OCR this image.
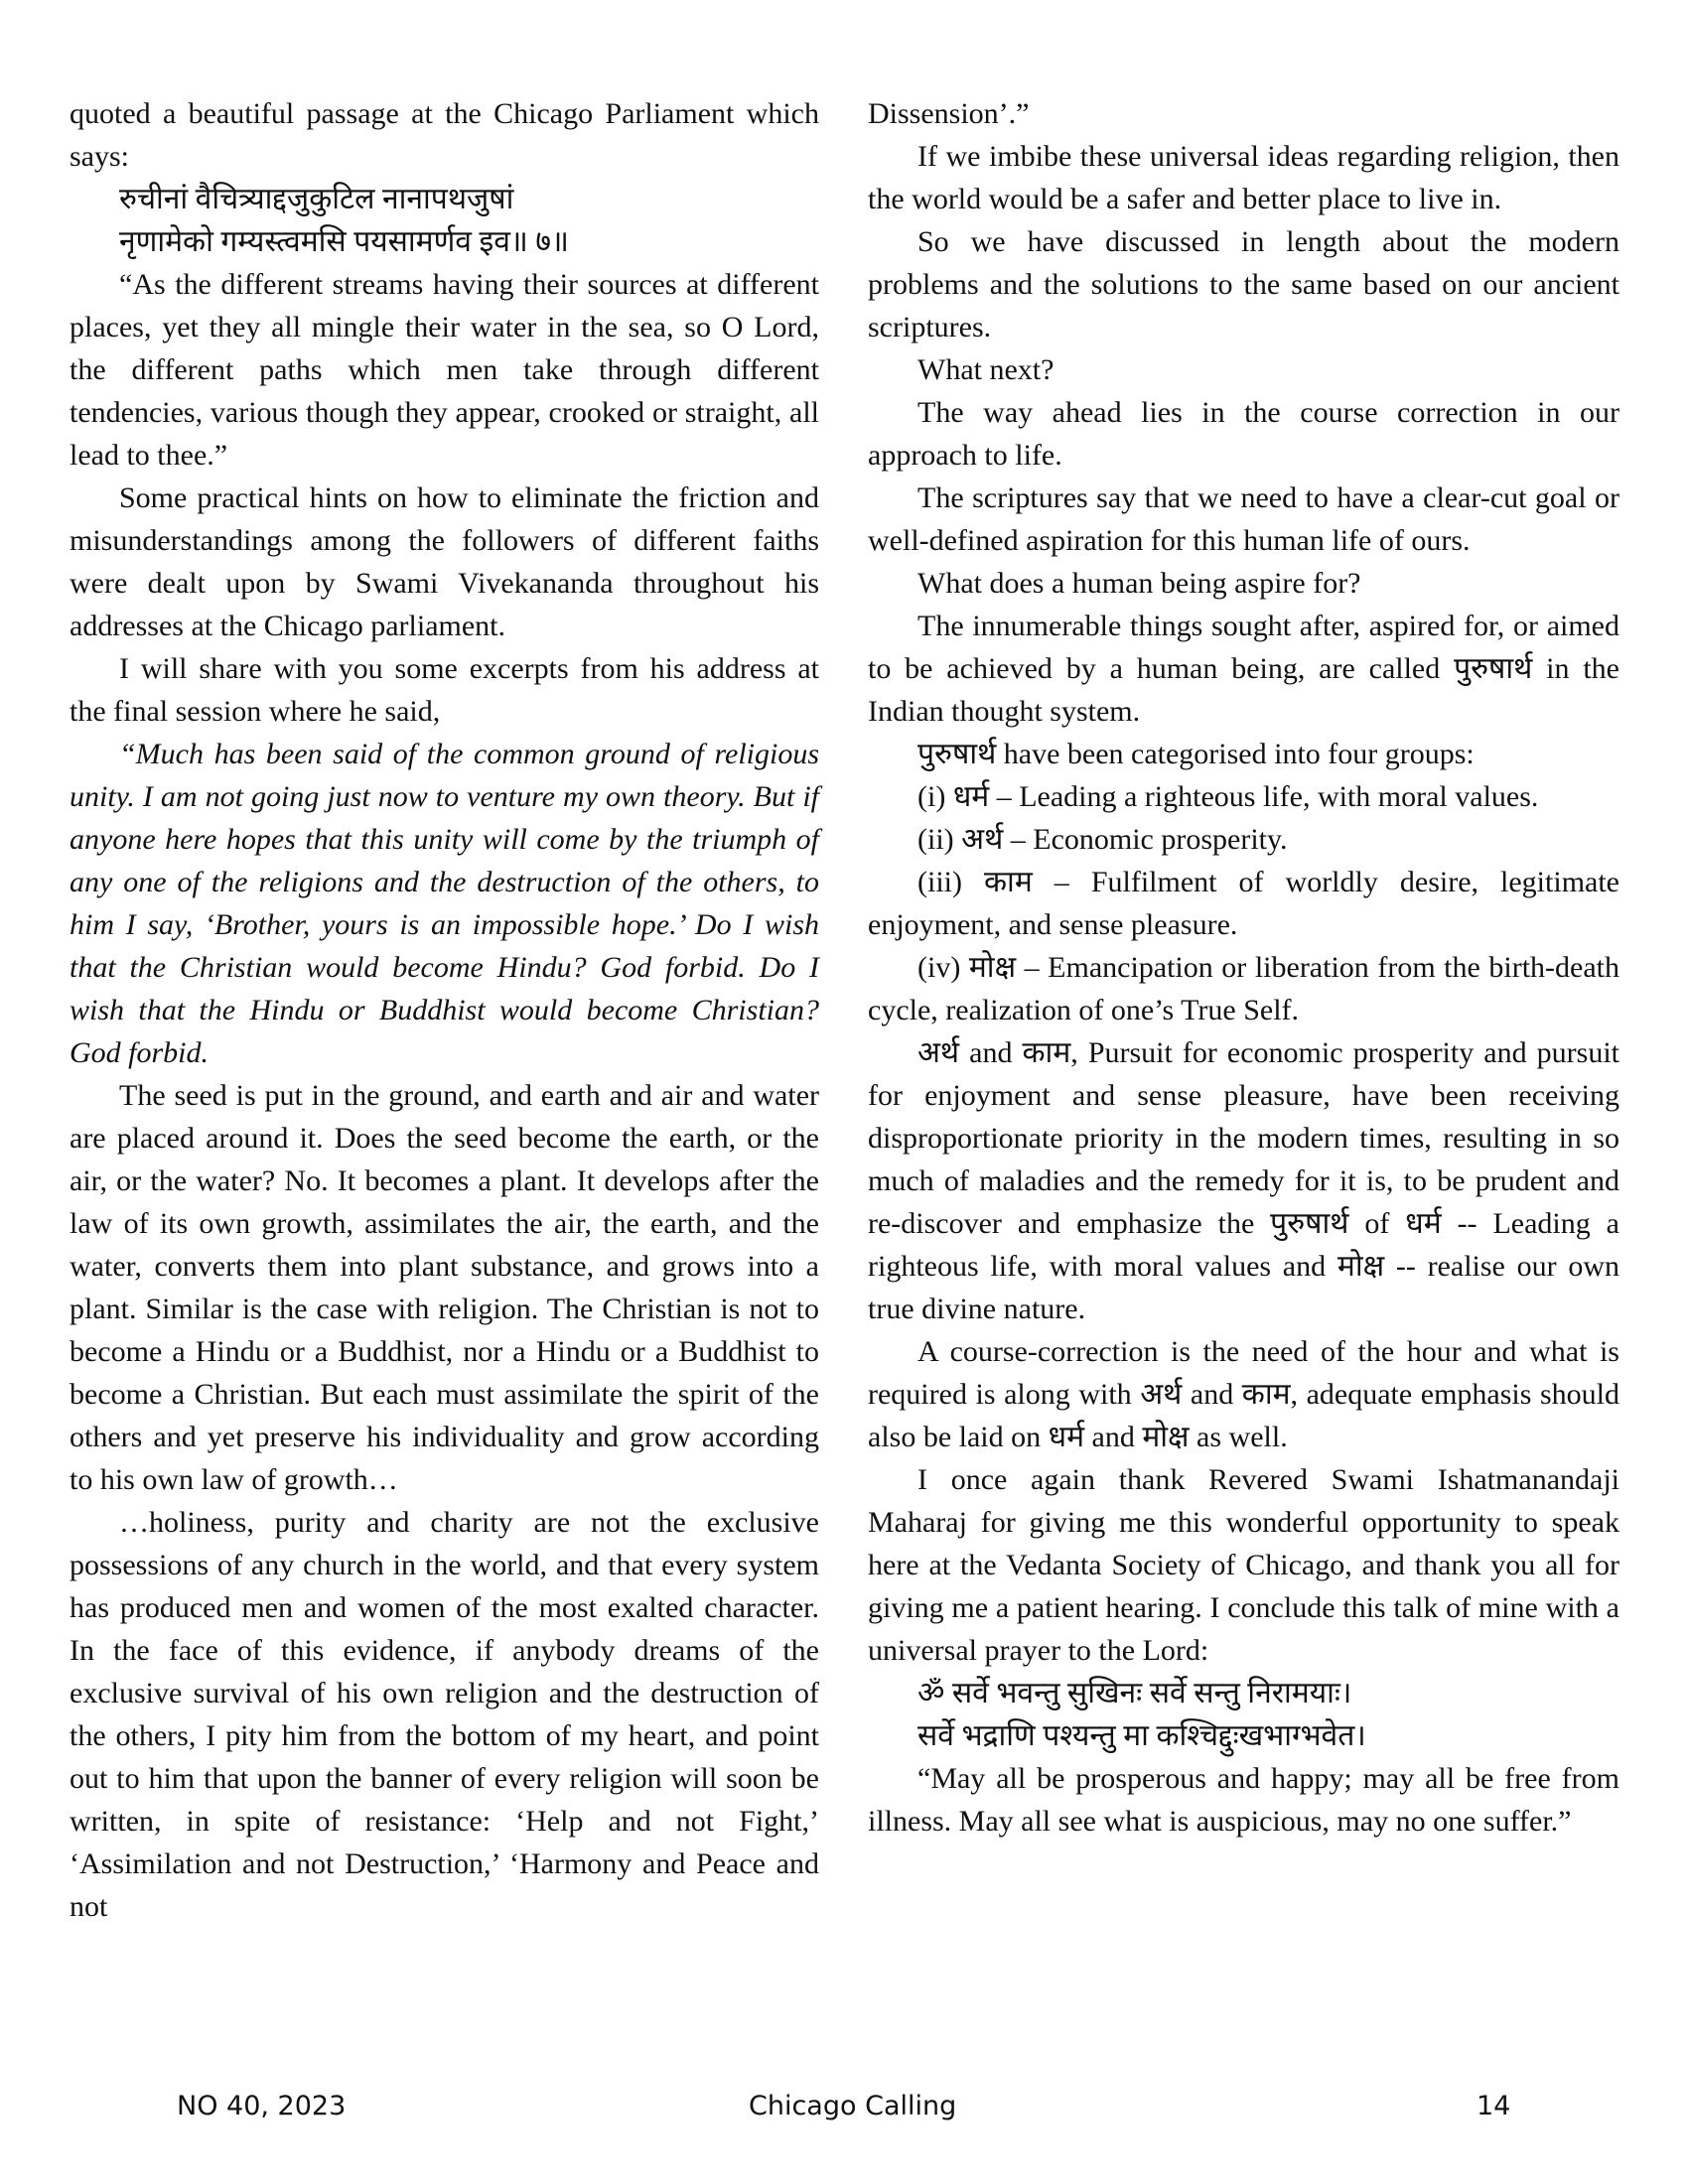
quoted a beautiful passage at the Chicago Parliament which says:

रुचीनां वैचित्र्याद्दजुकुटिल नानापथजुषां

नृणामेको गम्यस्त्वमसि पयसामर्णव इव॥ ७॥

“As the different streams having their sources at different places, yet they all mingle their water in the sea, so O Lord, the different paths which men take through different tendencies, various though they appear, crooked or straight, all lead to thee.”

Some practical hints on how to eliminate the friction and misunderstandings among the followers of different faiths were dealt upon by Swami Vivekananda throughout his addresses at the Chicago parliament.

I will share with you some excerpts from his address at the final session where he said,

“Much has been said of the common ground of religious unity. I am not going just now to venture my own theory. But if anyone here hopes that this unity will come by the triumph of any one of the religions and the destruction of the others, to him I say, ‘Brother, yours is an impossible hope.’ Do I wish that the Christian would become Hindu? God forbid. Do I wish that the Hindu or Buddhist would become Christian? God forbid.

The seed is put in the ground, and earth and air and water are placed around it. Does the seed become the earth, or the air, or the water? No. It becomes a plant. It develops after the law of its own growth, assimilates the air, the earth, and the water, converts them into plant substance, and grows into a plant. Similar is the case with religion. The Christian is not to become a Hindu or a Buddhist, nor a Hindu or a Buddhist to become a Christian. But each must assimilate the spirit of the others and yet preserve his individuality and grow according to his own law of growth…

…holiness, purity and charity are not the exclusive possessions of any church in the world, and that every system has produced men and women of the most exalted character. In the face of this evidence, if anybody dreams of the exclusive survival of his own religion and the destruction of the others, I pity him from the bottom of my heart, and point out to him that upon the banner of every religion will soon be written, in spite of resistance: ‘Help and not Fight,’ ‘Assimilation and not Destruction,’ ‘Harmony and Peace and not

Dissension’.”

If we imbibe these universal ideas regarding religion, then the world would be a safer and better place to live in.

So we have discussed in length about the modern problems and the solutions to the same based on our ancient scriptures.

What next?

The way ahead lies in the course correction in our approach to life.

The scriptures say that we need to have a clear-cut goal or well-defined aspiration for this human life of ours.

What does a human being aspire for?

The innumerable things sought after, aspired for, or aimed to be achieved by a human being, are called पुरुषार्थ in the Indian thought system.

पुरुषार्थ have been categorised into four groups:

(i) धर्म – Leading a righteous life, with moral values.

(ii) अर्थ – Economic prosperity.

(iii) काम – Fulfilment of worldly desire, legitimate enjoyment, and sense pleasure.

(iv) मोक्ष – Emancipation or liberation from the birth-death cycle, realization of one’s True Self.

अर्थ and काम, Pursuit for economic prosperity and pursuit for enjoyment and sense pleasure, have been receiving disproportionate priority in the modern times, resulting in so much of maladies and the remedy for it is, to be prudent and re-discover and emphasize the पुरुषार्थ of धर्म -- Leading a righteous life, with moral values and मोक्ष -- realise our own true divine nature.

A course-correction is the need of the hour and what is required is along with अर्थ and काम, adequate emphasis should also be laid on धर्म and मोक्ष as well.

I once again thank Revered Swami Ishatmanandaji Maharaj for giving me this wonderful opportunity to speak here at the Vedanta Society of Chicago, and thank you all for giving me a patient hearing. I conclude this talk of mine with a universal prayer to the Lord:

ॐ सर्वे भवन्तु सुखिनः सर्वे सन्तु निरामयाः।

सर्वे भद्राणि पश्यन्तु मा कश्चिद्दुःखभाग्भवेत।

“May all be prosperous and happy; may all be free from illness. May all see what is auspicious, may no one suffer.”

NO 40, 2023	Chicago Calling	14
